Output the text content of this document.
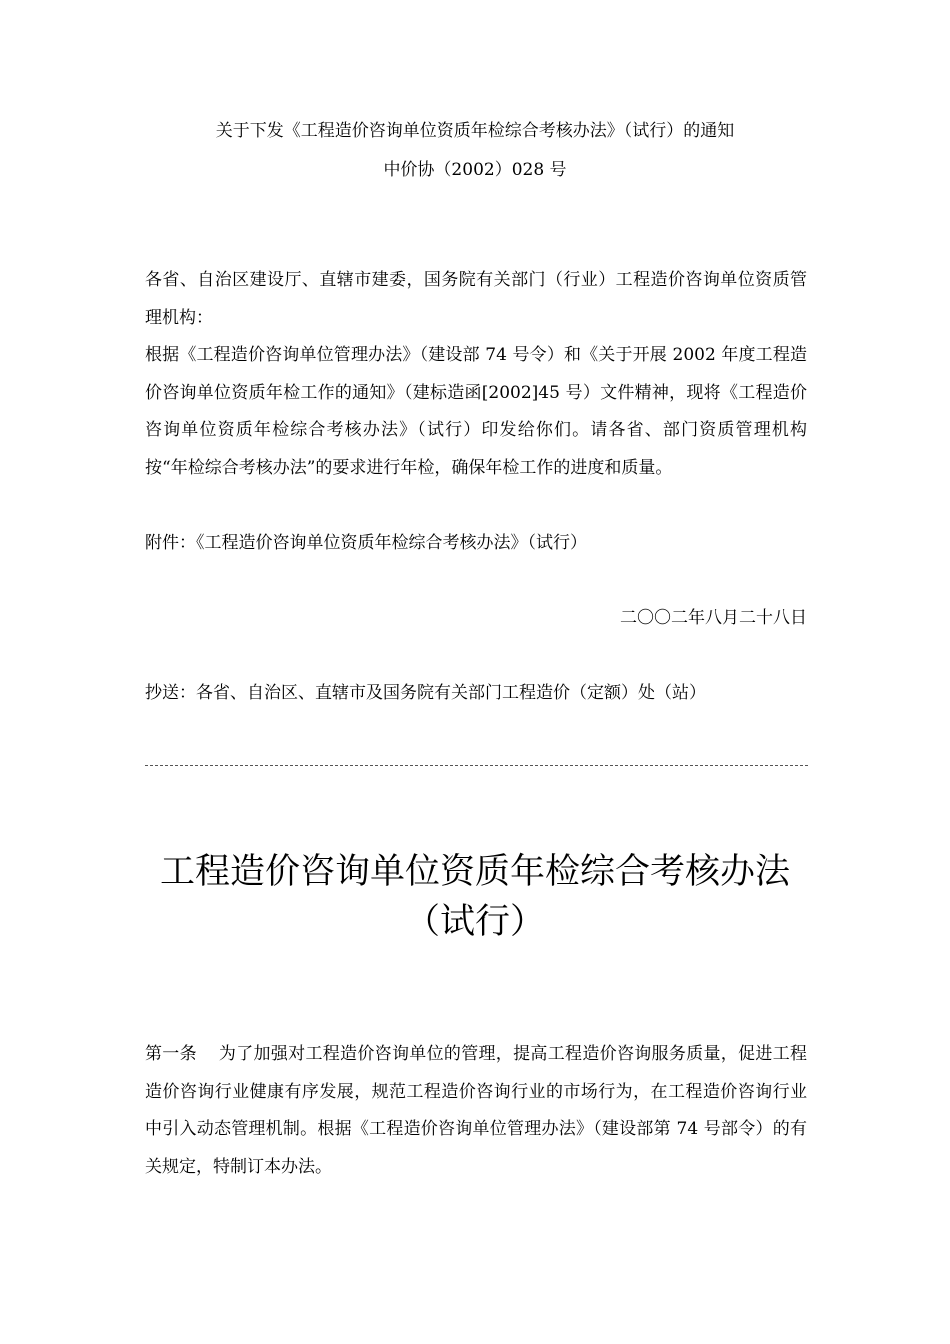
关于下发《工程造价咨询单位资质年检综合考核办法》（试行）的通知
中价协（2002）028 号
各省、自治区建设厅、直辖市建委，国务院有关部门（行业）工程造价咨询单位资质管理机构：
根据《工程造价咨询单位管理办法》（建设部 74 号令）和《关于开展 2002 年度工程造价咨询单位资质年检工作的通知》（建标造函[2002]45 号）文件精神，现将《工程造价咨询单位资质年检综合考核办法》（试行）印发给你们。请各省、部门资质管理机构按“年检综合考核办法”的要求进行年检，确保年检工作的进度和质量。
附件：《工程造价咨询单位资质年检综合考核办法》（试行）
二〇〇二年八月二十八日
抄送：各省、自治区、直辖市及国务院有关部门工程造价（定额）处（站）
工程造价咨询单位资质年检综合考核办法
（试行）
第一条 为了加强对工程造价咨询单位的管理，提高工程造价咨询服务质量，促进工程造价咨询行业健康有序发展，规范工程造价咨询行业的市场行为，在工程造价咨询行业中引入动态管理机制。根据《工程造价咨询单位管理办法》（建设部第 74 号部令）的有关规定，特制订本办法。
